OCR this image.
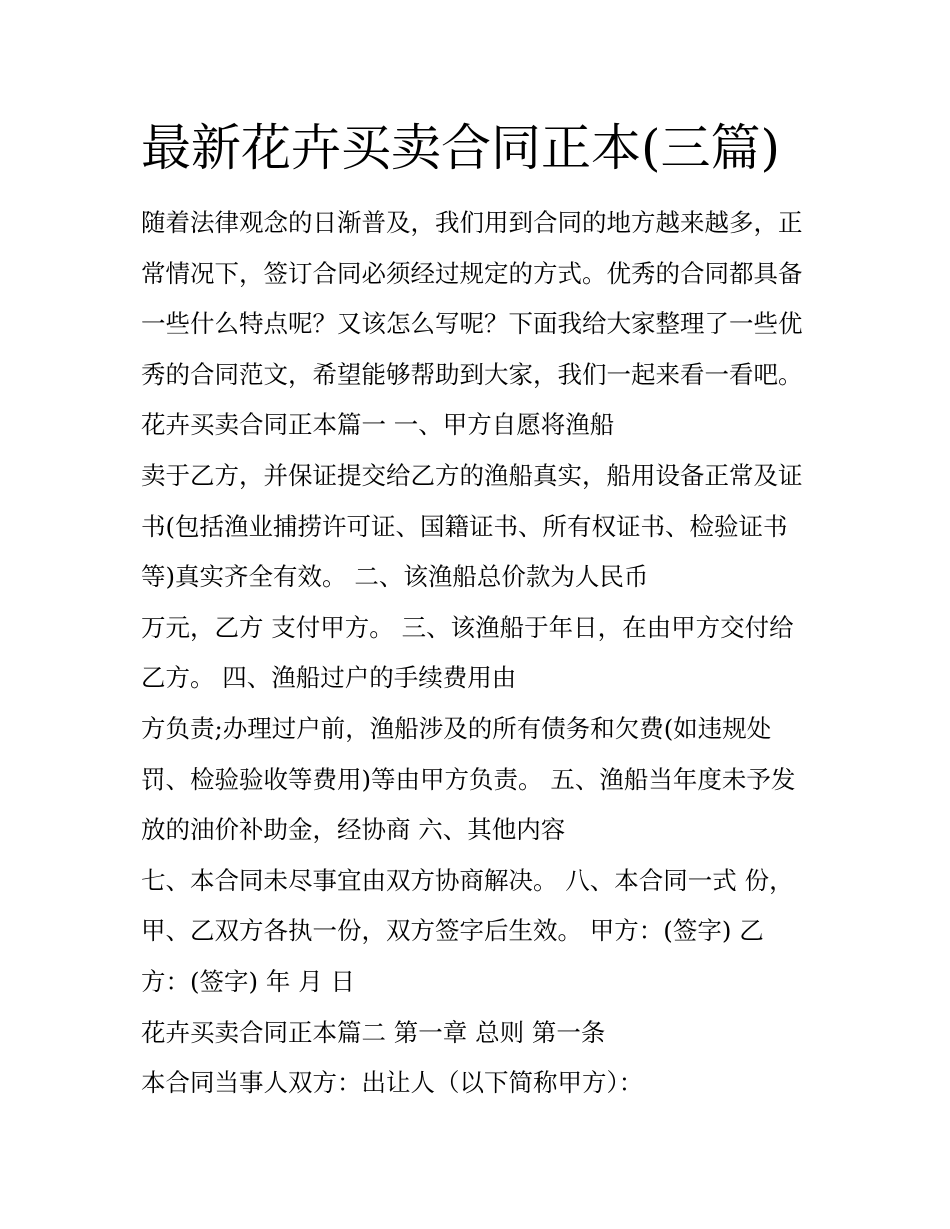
最新花卉买卖合同正本(三篇)
随着法律观念的日渐普及，我们用到合同的地方越来越多，正
常情况下，签订合同必须经过规定的方式。优秀的合同都具备
一些什么特点呢？又该怎么写呢？下面我给大家整理了一些优
秀的合同范文，希望能够帮助到大家，我们一起来看一看吧。
花卉买卖合同正本篇一 一、甲方自愿将渔船
卖于乙方，并保证提交给乙方的渔船真实，船用设备正常及证
书(包括渔业捕捞许可证、国籍证书、所有权证书、检验证书
等)真实齐全有效。 二、该渔船总价款为人民币
万元，乙方 支付甲方。 三、该渔船于年日，在由甲方交付给
乙方。 四、渔船过户的手续费用由
方负责;办理过户前，渔船涉及的所有债务和欠费(如违规处
罚、检验验收等费用)等由甲方负责。 五、渔船当年度未予发
放的油价补助金，经协商 六、其他内容
七、本合同未尽事宜由双方协商解决。 八、本合同一式 份，
甲、乙双方各执一份，双方签字后生效。 甲方：(签字) 乙
方：(签字) 年 月 日
花卉买卖合同正本篇二 第一章 总则 第一条
本合同当事人双方：出让人（以下简称甲方）：
